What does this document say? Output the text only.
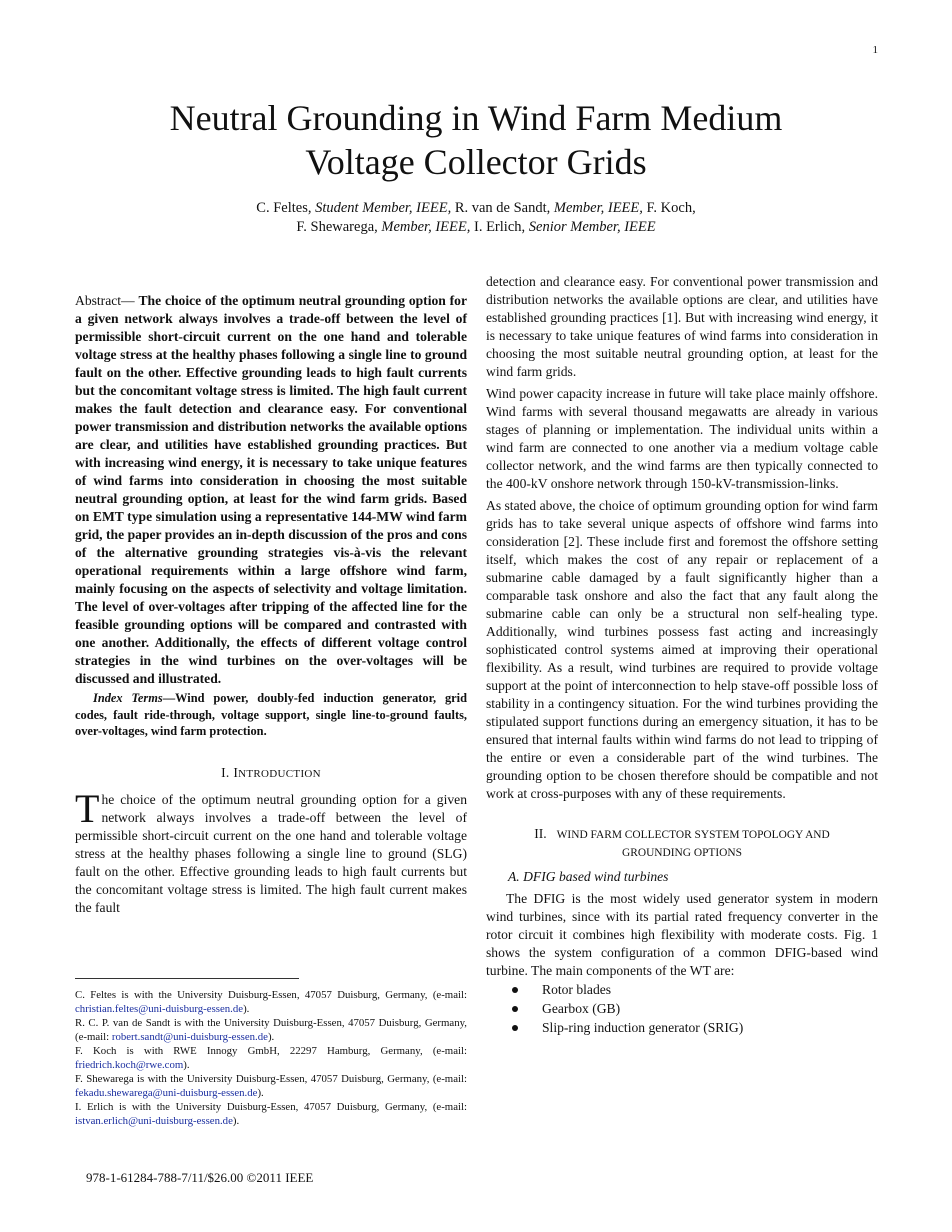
1
Neutral Grounding in Wind Farm Medium
Voltage Collector Grids
C. Feltes, Student Member, IEEE, R. van de Sandt, Member, IEEE, F. Koch,
F. Shewarega, Member, IEEE, I. Erlich, Senior Member, IEEE

Abstract— The choice of the optimum neutral grounding option for a given network always involves a trade-off between the level of permissible short-circuit current on the one hand and tolerable voltage stress at the healthy phases following a single line to ground fault on the other. Effective grounding leads to high fault currents but the concomitant voltage stress is limited. The high fault current makes the fault detection and clearance easy. For conventional power transmission and distribution networks the available options are clear, and utilities have established grounding practices. But with increasing wind energy, it is necessary to take unique features of wind farms into consideration in choosing the most suitable neutral grounding option, at least for the wind farm grids. Based on EMT type simulation using a representative 144-MW wind farm grid, the paper provides an in-depth discussion of the pros and cons of the alternative grounding strategies vis-à-vis the relevant operational requirements within a large offshore wind farm, mainly focusing on the aspects of selectivity and voltage limitation. The level of over-voltages after tripping of the affected line for the feasible grounding options will be compared and contrasted with one another. Additionally, the effects of different voltage control strategies in the wind turbines on the over-voltages will be discussed and illustrated.

Index Terms—Wind power, doubly-fed induction generator, grid codes, fault ride-through, voltage support, single line-to-ground faults, over-voltages, wind farm protection.

I. INTRODUCTION

The choice of the optimum neutral grounding option for a given network always involves a trade-off between the level of permissible short-circuit current on the one hand and tolerable voltage stress at the healthy phases following a single line to ground (SLG) fault on the other. Effective grounding leads to high fault currents but the concomitant voltage stress is limited. The high fault current makes the fault

detection and clearance easy. For conventional power transmission and distribution networks the available options are clear, and utilities have established grounding practices [1]. But with increasing wind energy, it is necessary to take unique features of wind farms into consideration in choosing the most suitable neutral grounding option, at least for the wind farm grids.

Wind power capacity increase in future will take place mainly offshore. Wind farms with several thousand megawatts are already in various stages of planning or implementation. The individual units within a wind farm are connected to one another via a medium voltage cable collector network, and the wind farms are then typically connected to the 400-kV onshore network through 150-kV-transmission-links.

As stated above, the choice of optimum grounding option for wind farm grids has to take several unique aspects of offshore wind farms into consideration [2]. These include first and foremost the offshore setting itself, which makes the cost of any repair or replacement of a submarine cable damaged by a fault significantly higher than a comparable task onshore and also the fact that any fault along the submarine cable can only be a structural non self-healing type. Additionally, wind turbines possess fast acting and increasingly sophisticated control systems aimed at improving their operational flexibility. As a result, wind turbines are required to provide voltage support at the point of interconnection to help stave-off possible loss of stability in a contingency situation. For the wind turbines providing the stipulated support functions during an emergency situation, it has to be ensured that internal faults within wind farms do not lead to tripping of the entire or even a considerable part of the wind turbines. The grounding option to be chosen therefore should be compatible and not work at cross-purposes with any of these requirements.

II. WIND FARM COLLECTOR SYSTEM TOPOLOGY AND
GROUNDING OPTIONS
A. DFIG based wind turbines

The DFIG is the most widely used generator system in modern wind turbines, since with its partial rated frequency converter in the rotor circuit it combines high flexibility with moderate costs. Fig. 1 shows the system configuration of a common DFIG-based wind turbine. The main components of the WT are:

Rotor blades
Gearbox (GB)
Slip-ring induction generator (SRIG)

C. Feltes is with the University Duisburg-Essen, 47057 Duisburg, Germany, (e-mail: christian.feltes@uni-duisburg-essen.de).

R. C. P. van de Sandt is with the University Duisburg-Essen, 47057 Duisburg, Germany, (e-mail: robert.sandt@uni-duisburg-essen.de).

F. Koch is with RWE Innogy GmbH, 22297 Hamburg, Germany, (e-mail: friedrich.koch@rwe.com).

F. Shewarega is with the University Duisburg-Essen, 47057 Duisburg, Germany, (e-mail: fekadu.shewarega@uni-duisburg-essen.de).

I. Erlich is with the University Duisburg-Essen, 47057 Duisburg, Germany, (e-mail: istvan.erlich@uni-duisburg-essen.de).

978-1-61284-788-7/11/$26.00 ©2011 IEEE
